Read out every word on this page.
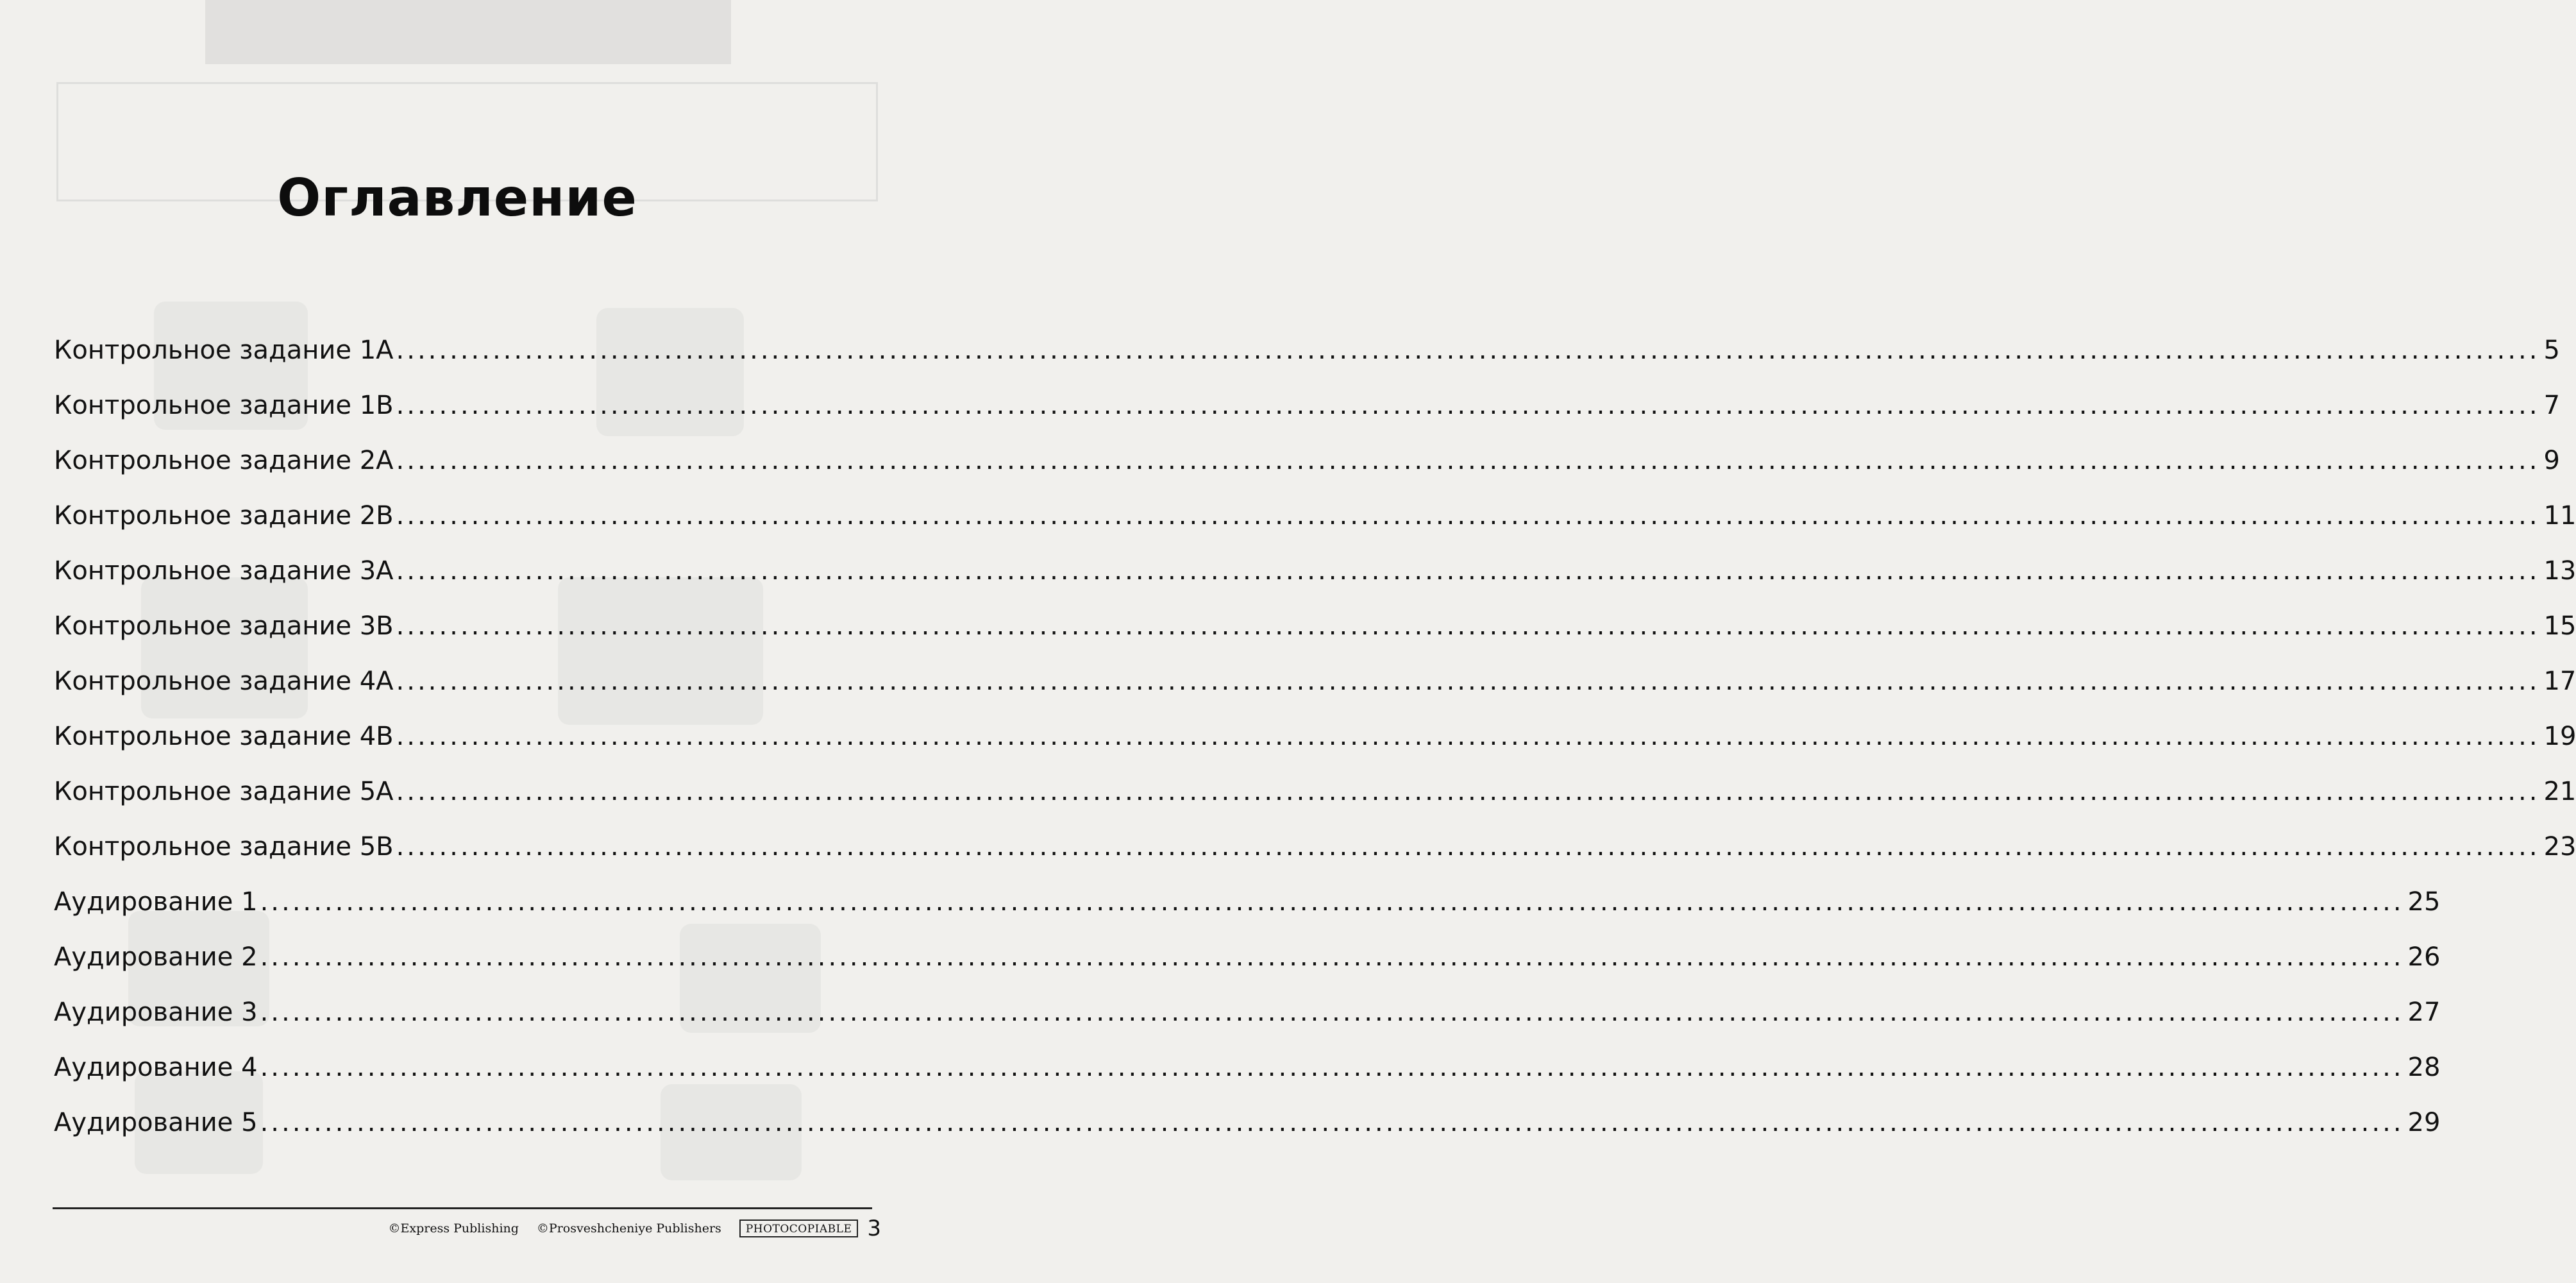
Оглавление
Контрольное задание 1A ........................................................................................................................................................................................................ 5
Контрольное задание 1B ........................................................................................................................................................................................................ 7
Контрольное задание 2A ........................................................................................................................................................................................................ 9
Контрольное задание 2B ........................................................................................................................................................................................................ 11
Контрольное задание 3A ........................................................................................................................................................................................................ 13
Контрольное задание 3B ........................................................................................................................................................................................................ 15
Контрольное задание 4A ........................................................................................................................................................................................................ 17
Контрольное задание 4B ........................................................................................................................................................................................................ 19
Контрольное задание 5A ........................................................................................................................................................................................................ 21
Контрольное задание 5B ........................................................................................................................................................................................................ 23
Аудирование 1 ........................................................................................................................................................................................................ 25
Аудирование 2 ........................................................................................................................................................................................................ 26
Аудирование 3 ........................................................................................................................................................................................................ 27
Аудирование 4 ........................................................................................................................................................................................................ 28
Аудирование 5 ........................................................................................................................................................................................................ 29
©Express Publishing ©Prosveshcheniye Publishers	PHOTOCOPIABLE 3
